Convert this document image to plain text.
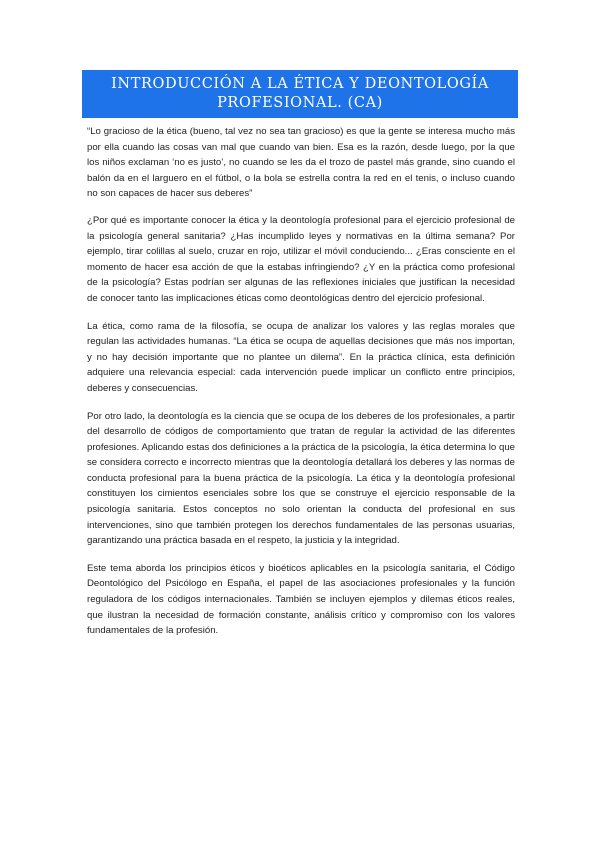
INTRODUCCIÓN A LA ÉTICA Y DEONTOLOGÍA
PROFESIONAL. (CA)

“Lo gracioso de la ética (bueno, tal vez no sea tan gracioso) es que la gente se interesa mucho más por ella cuando las cosas van mal que cuando van bien. Esa es la razón, desde luego, por la que los niños exclaman ‘no es justo’, no cuando se les da el trozo de pastel más grande, sino cuando el balón da en el larguero en el fútbol, o la bola se estrella contra la red en el tenis, o incluso cuando no son capaces de hacer sus deberes”

¿Por qué es importante conocer la ética y la deontología profesional para el ejercicio profesional de la psicología general sanitaria? ¿Has incumplido leyes y normativas en la última semana? Por ejemplo, tirar colillas al suelo, cruzar en rojo, utilizar el móvil conduciendo... ¿Eras consciente en el momento de hacer esa acción de que la estabas infringiendo? ¿Y en la práctica como profesional de la psicología? Estas podrían ser algunas de las reflexiones iniciales que justifican la necesidad de conocer tanto las implicaciones éticas como deontológicas dentro del ejercicio profesional.

La ética, como rama de la filosofía, se ocupa de analizar los valores y las reglas morales que regulan las actividades humanas. “La ética se ocupa de aquellas decisiones que más nos importan, y no hay decisión importante que no plantee un dilema”. En la práctica clínica, esta definición adquiere una relevancia especial: cada intervención puede implicar un conflicto entre principios, deberes y consecuencias.

Por otro lado, la deontología es la ciencia que se ocupa de los deberes de los profesionales, a partir del desarrollo de códigos de comportamiento que tratan de regular la actividad de las diferentes profesiones. Aplicando estas dos definiciones a la práctica de la psicología, la ética determina lo que se considera correcto e incorrecto mientras que la deontología detallará los deberes y las normas de conducta profesional para la buena práctica de la psicología. La ética y la deontología profesional constituyen los cimientos esenciales sobre los que se construye el ejercicio responsable de la psicología sanitaria. Estos conceptos no solo orientan la conducta del profesional en sus intervenciones, sino que también protegen los derechos fundamentales de las personas usuarias, garantizando una práctica basada en el respeto, la justicia y la integridad.

Este tema aborda los principios éticos y bioéticos aplicables en la psicología sanitaria, el Código Deontológico del Psicólogo en España, el papel de las asociaciones profesionales y la función reguladora de los códigos internacionales. También se incluyen ejemplos y dilemas éticos reales, que ilustran la necesidad de formación constante, análisis crítico y compromiso con los valores fundamentales de la profesión.
